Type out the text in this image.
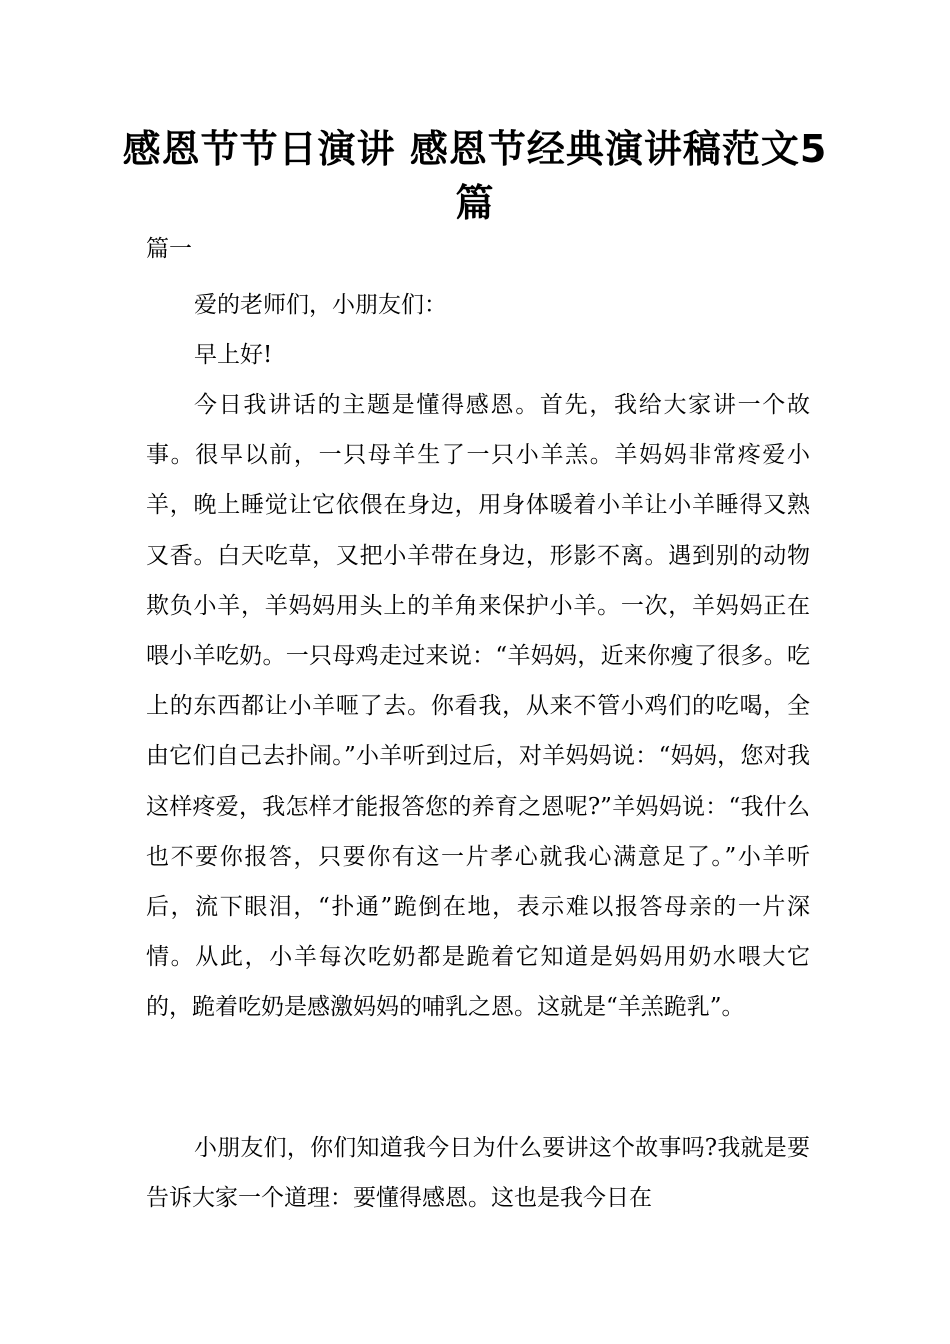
感恩节节日演讲 感恩节经典演讲稿范文5篇

篇一

爱的老师们，小朋友们：

早上好!

今日我讲话的主题是懂得感恩。首先，我给大家讲一个故事。很早以前，一只母羊生了一只小羊羔。羊妈妈非常疼爱小羊，晚上睡觉让它依偎在身边，用身体暖着小羊让小羊睡得又熟又香。白天吃草，又把小羊带在身边，形影不离。遇到别的动物欺负小羊，羊妈妈用头上的羊角来保护小羊。一次，羊妈妈正在喂小羊吃奶。一只母鸡走过来说：“羊妈妈，近来你瘦了很多。吃上的东西都让小羊咂了去。你看我，从来不管小鸡们的吃喝，全由它们自己去扑闹。”小羊听到过后，对羊妈妈说：“妈妈，您对我这样疼爱，我怎样才能报答您的养育之恩呢?”羊妈妈说：“我什么也不要你报答，只要你有这一片孝心就我心满意足了。”小羊听后，流下眼泪，“扑通”跪倒在地，表示难以报答母亲的一片深情。从此，小羊每次吃奶都是跪着它知道是妈妈用奶水喂大它的，跪着吃奶是感激妈妈的哺乳之恩。这就是“羊羔跪乳”。

小朋友们，你们知道我今日为什么要讲这个故事吗?我就是要告诉大家一个道理：要懂得感恩。这也是我今日在
